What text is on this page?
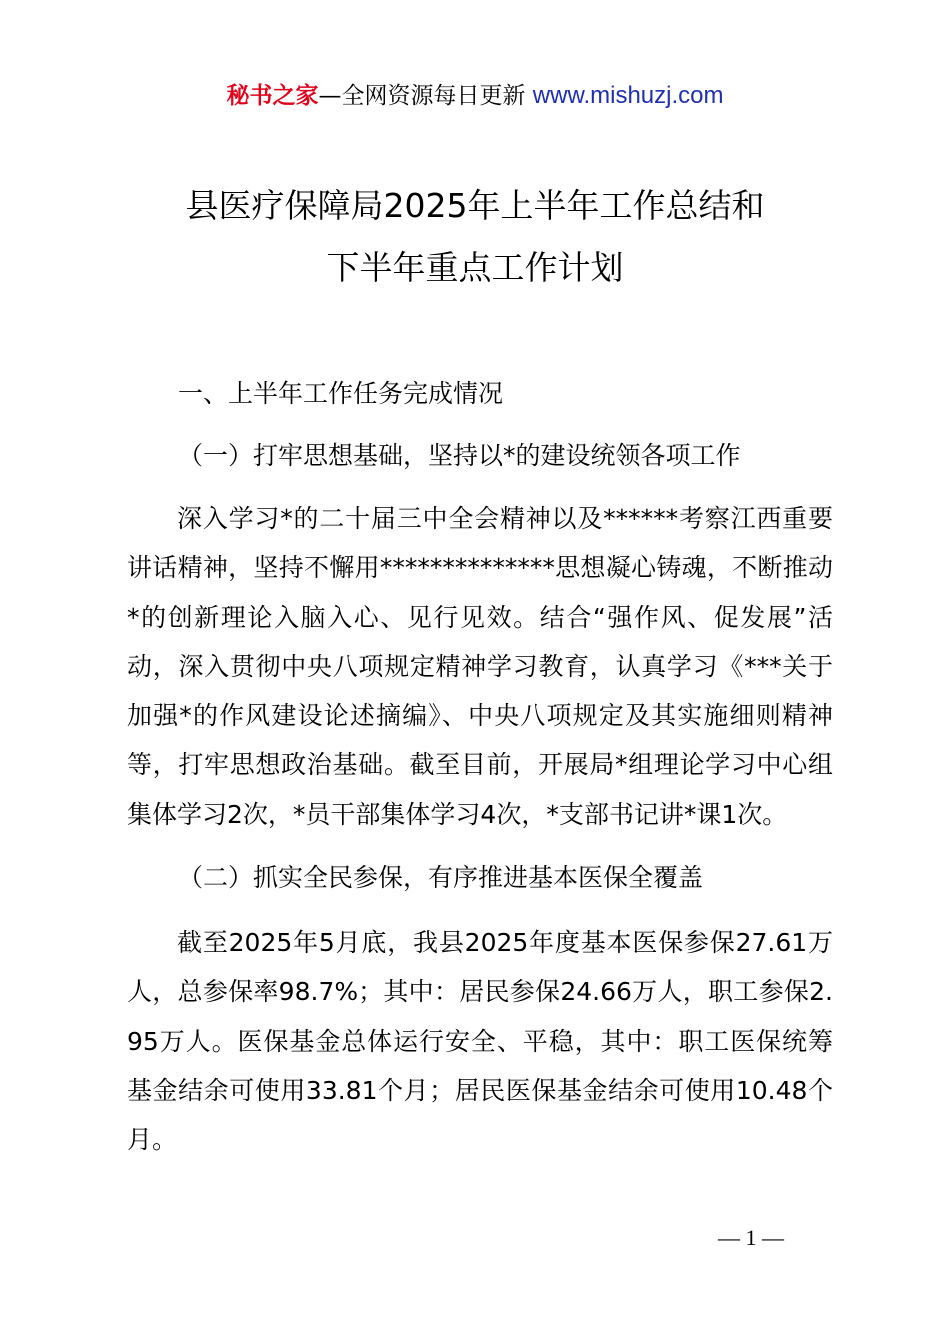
秘书之家—全网资源每日更新 www.mishuzj.com
县医疗保障局2025年上半年工作总结和
下半年重点工作计划
一、上半年工作任务完成情况
（一）打牢思想基础，坚持以*的建设统领各项工作
深入学习*的二十届三中全会精神以及******考察江西重要讲话精神，坚持不懈用**************思想凝心铸魂，不断推动*的创新理论入脑入心、见行见效。结合“强作风、促发展”活动，深入贯彻中央八项规定精神学习教育，认真学习《***关于加强*的作风建设论述摘编》、中央八项规定及其实施细则精神等，打牢思想政治基础。截至目前，开展局*组理论学习中心组集体学习2次，*员干部集体学习4次，*支部书记讲*课1次。
（二）抓实全民参保，有序推进基本医保全覆盖
截至2025年5月底，我县2025年度基本医保参保27.61万人，总参保率98.7%；其中：居民参保24.66万人，职工参保2.95万人。医保基金总体运行安全、平稳，其中：职工医保统筹基金结余可使用33.81个月；居民医保基金结余可使用10.48个月。
— 1 —
